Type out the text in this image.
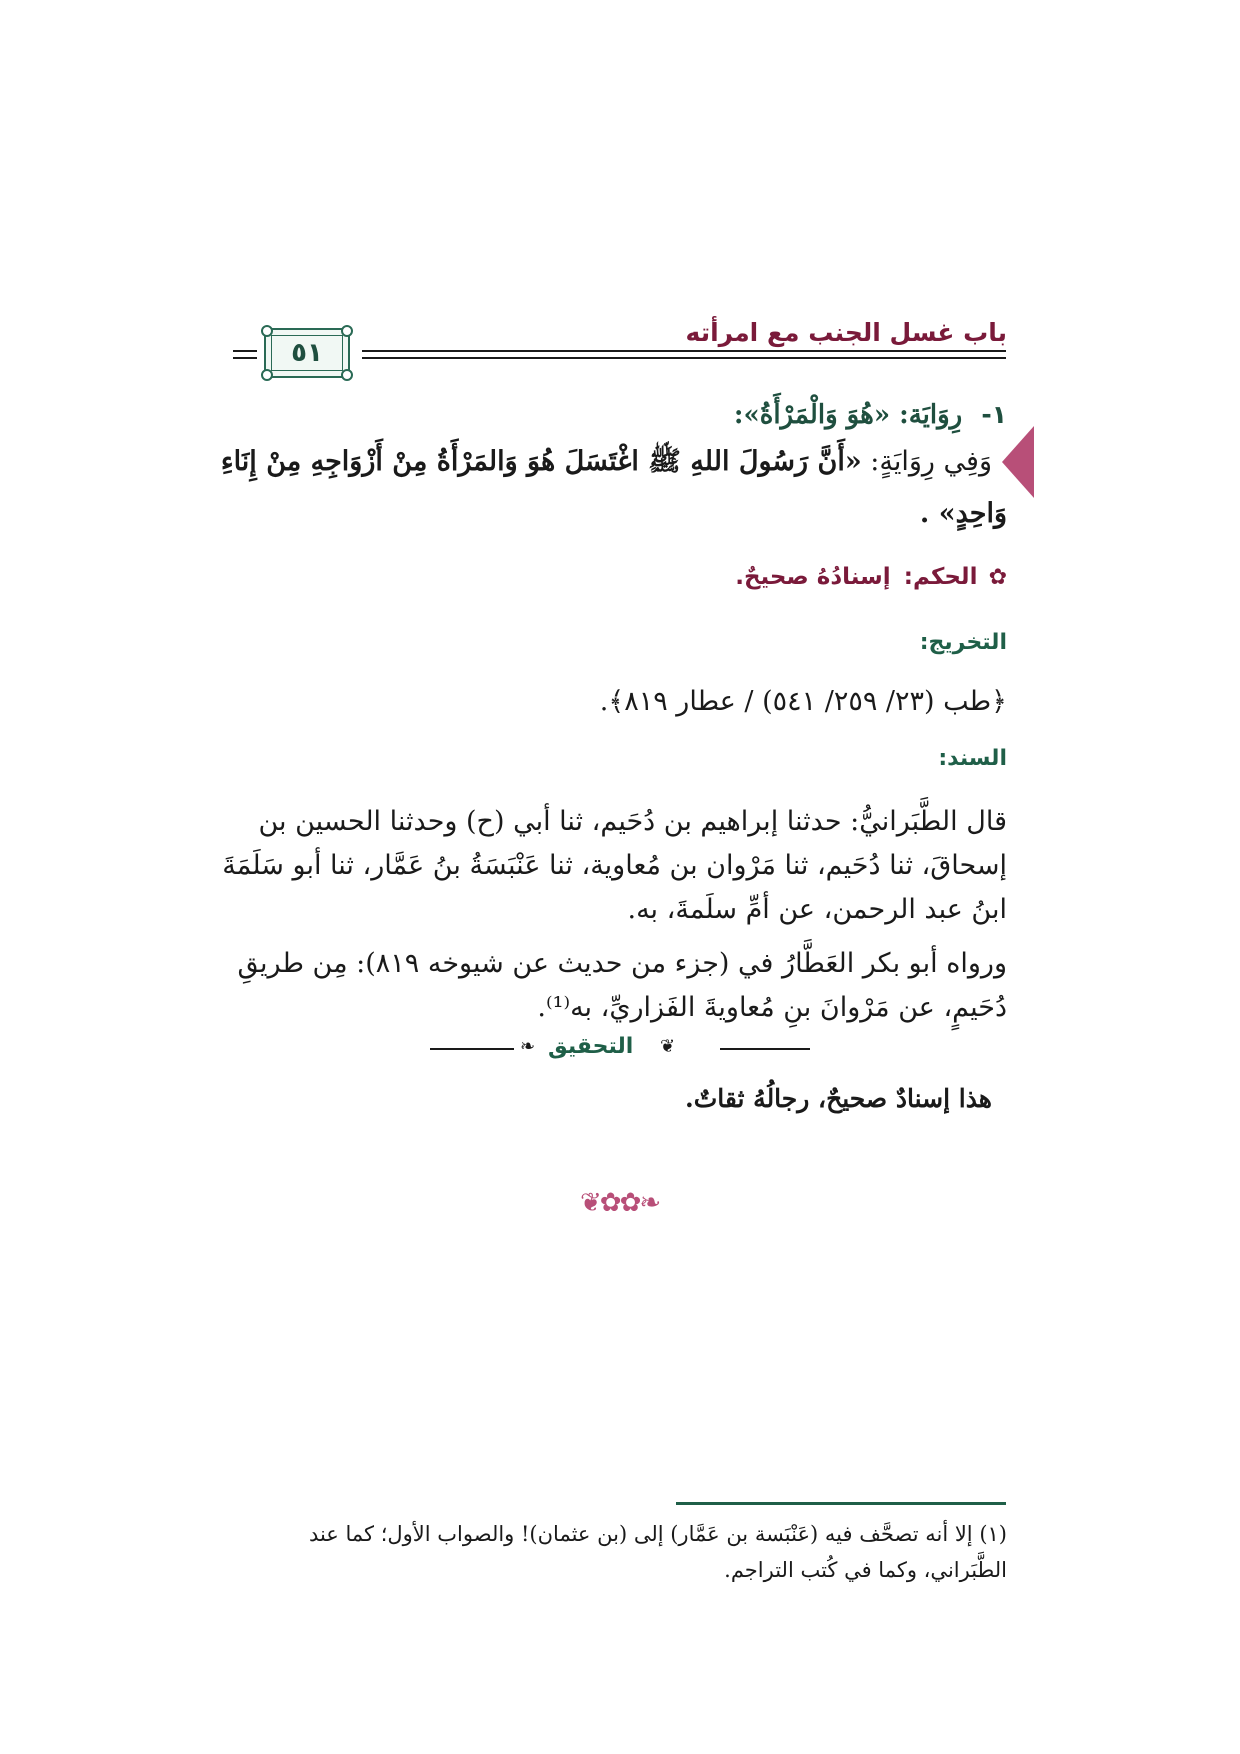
باب غسل الجنب مع امرأته
٥١
١- رِوَايَة: «هُوَ وَالْمَرْأَةُ»:
وَفِي رِوَايَةٍ: «أَنَّ رَسُولَ اللهِ ﷺ اغْتَسَلَ هُوَ وَالمَرْأَةُ مِنْ أَزْوَاجِهِ مِنْ إِنَاءِ
وَاحِدٍ» .
✿ الحكم: إسنادُهُ صحيحٌ.
التخريج:
﴿طب (٢٣/ ٢٥٩/ ٥٤١) / عطار ٨١٩﴾.
السند:
قال الطَّبَرانيُّ: حدثنا إبراهيم بن دُحَيم، ثنا أبي (ح) وحدثنا الحسين بن
إسحاقَ، ثنا دُحَيم، ثنا مَرْوان بن مُعاوية، ثنا عَنْبَسَةُ بنُ عَمَّار، ثنا أبو سَلَمَةَ
ابنُ عبد الرحمن، عن أمِّ سلَمةَ، به.
ورواه أبو بكر العَطَّارُ في (جزء من حديث عن شيوخه ٨١٩): مِن طريقِ
دُحَيمٍ، عن مَرْوانَ بنِ مُعاويةَ الفَزاريِّ، به⁽¹⁾.
❦
التحقيق
❧
هذا إسنادٌ صحيحٌ، رجالُهُ ثقاتٌ.
❦✿✿❧
(١) إلا أنه تصحَّف فيه (عَنْبَسة بن عَمَّار) إلى (بن عثمان)! والصواب الأول؛ كما عند
الطَّبَراني، وكما في كُتب التراجم.
